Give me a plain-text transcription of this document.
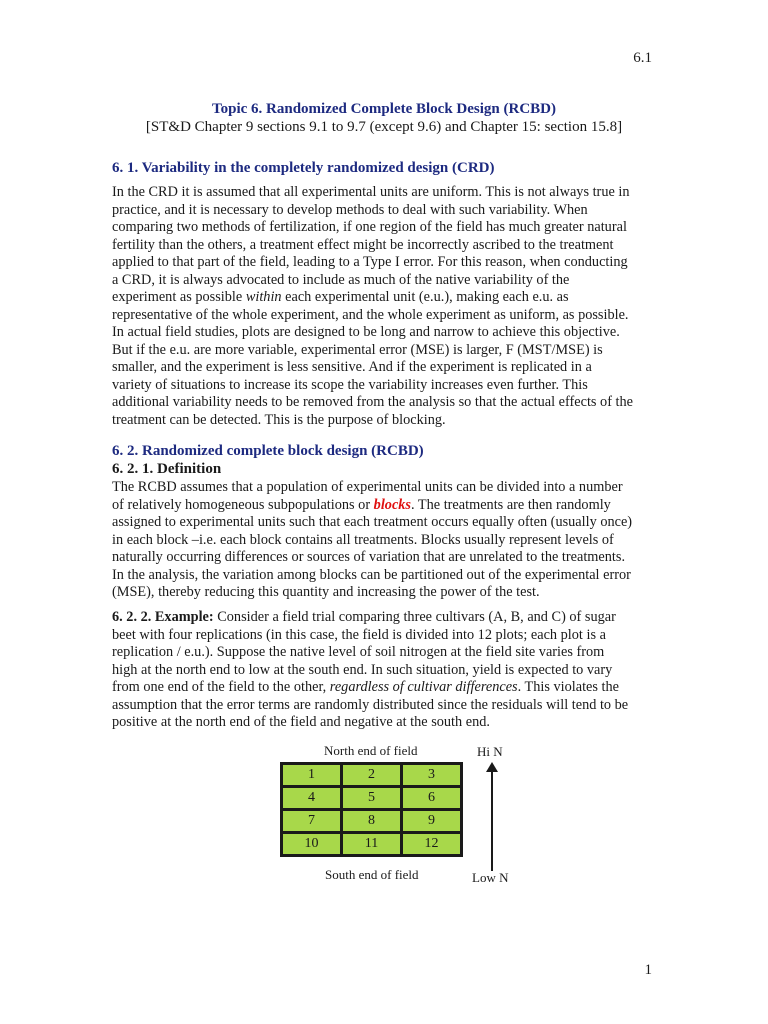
6.1
Topic 6. Randomized Complete Block Design (RCBD)
[ST&D Chapter 9 sections 9.1 to 9.7 (except 9.6) and Chapter 15: section 15.8]
6. 1. Variability in the completely randomized design (CRD)
In the CRD it is assumed that all experimental units are uniform. This is not always true in
practice, and it is necessary to develop methods to deal with such variability. When
comparing two methods of fertilization, if one region of the field has much greater natural
fertility than the others, a treatment effect might be incorrectly ascribed to the treatment
applied to that part of the field, leading to a Type I error. For this reason, when conducting
a CRD, it is always advocated to include as much of the native variability of the
experiment as possible within each experimental unit (e.u.), making each e.u. as
representative of the whole experiment, and the whole experiment as uniform, as possible.
In actual field studies, plots are designed to be long and narrow to achieve this objective.
But if the e.u. are more variable, experimental error (MSE) is larger, F (MST/MSE) is
smaller, and the experiment is less sensitive. And if the experiment is replicated in a
variety of situations to increase its scope the variability increases even further. This
additional variability needs to be removed from the analysis so that the actual effects of the
treatment can be detected. This is the purpose of blocking.
6. 2. Randomized complete block design (RCBD)
6. 2. 1. Definition
The RCBD assumes that a population of experimental units can be divided into a number
of relatively homogeneous subpopulations or blocks. The treatments are then randomly
assigned to experimental units such that each treatment occurs equally often (usually once)
in each block –i.e. each block contains all treatments. Blocks usually represent levels of
naturally occurring differences or sources of variation that are unrelated to the treatments.
In the analysis, the variation among blocks can be partitioned out of the experimental error
(MSE), thereby reducing this quantity and increasing the power of the test.
6. 2. 2. Example: Consider a field trial comparing three cultivars (A, B, and C) of sugar
beet with four replications (in this case, the field is divided into 12 plots; each plot is a
replication / e.u.). Suppose the native level of soil nitrogen at the field site varies from
high at the north end to low at the south end. In such situation, yield is expected to vary
from one end of the field to the other, regardless of cultivar differences. This violates the
assumption that the error terms are randomly distributed since the residuals will tend to be
positive at the north end of the field and negative at the south end.
North end of field
1	2	3
4	5	6
7	8	9
10	11	12
South end of field
Hi N
Low N
1
